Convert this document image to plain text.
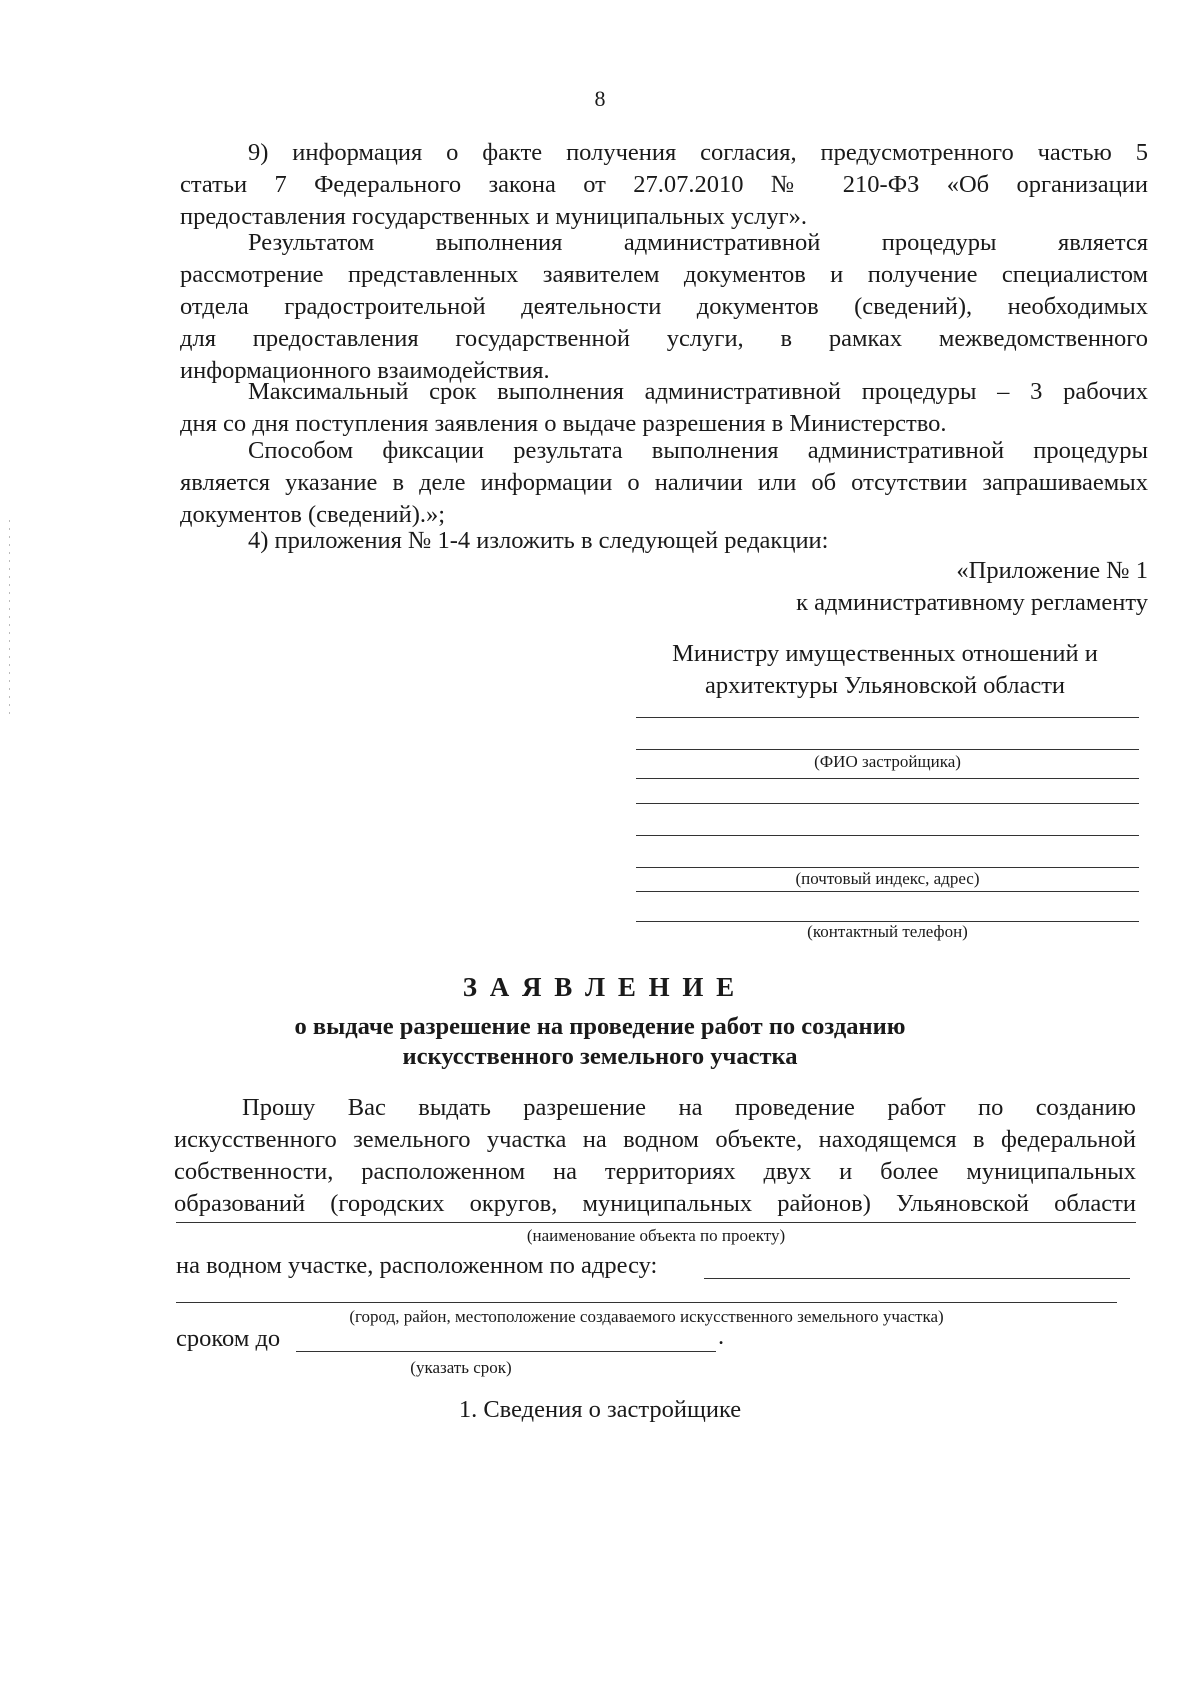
8
9) информация о факте получения согласия, предусмотренного частью 5
статьи 7 Федерального закона от 27.07.2010 № 210-ФЗ «Об организации
предоставления государственных и муниципальных услуг».
Результатом выполнения административной процедуры является
рассмотрение представленных заявителем документов и получение специалистом
отдела градостроительной деятельности документов (сведений), необходимых
для предоставления государственной услуги, в рамках межведомственного
информационного взаимодействия.
Максимальный срок выполнения административной процедуры – 3 рабочих
дня со дня поступления заявления о выдаче разрешения в Министерство.
Способом фиксации результата выполнения административной процедуры
является указание в деле информации о наличии или об отсутствии запрашиваемых
документов (сведений).»;
4) приложения № 1-4 изложить в следующей редакции:
«Приложение № 1
к административному регламенту
Министру имущественных отношений и
архитектуры Ульяновской области
(ФИО застройщика)
(почтовый индекс, адрес)
(контактный телефон)
З А Я В Л Е Н И Е
о выдаче разрешение на проведение работ по созданию
искусственного земельного участка
Прошу Вас выдать разрешение на проведение работ по созданию
искусственного земельного участка на водном объекте, находящемся в федеральной
собственности, расположенном на территориях двух и более муниципальных
образований (городских округов, муниципальных районов) Ульяновской области
(наименование объекта по проекту)
на водном участке, расположенном по адресу:
(город, район, местоположение создаваемого искусственного земельного участка)
сроком до	.
(указать срок)
1. Сведения о застройщике
